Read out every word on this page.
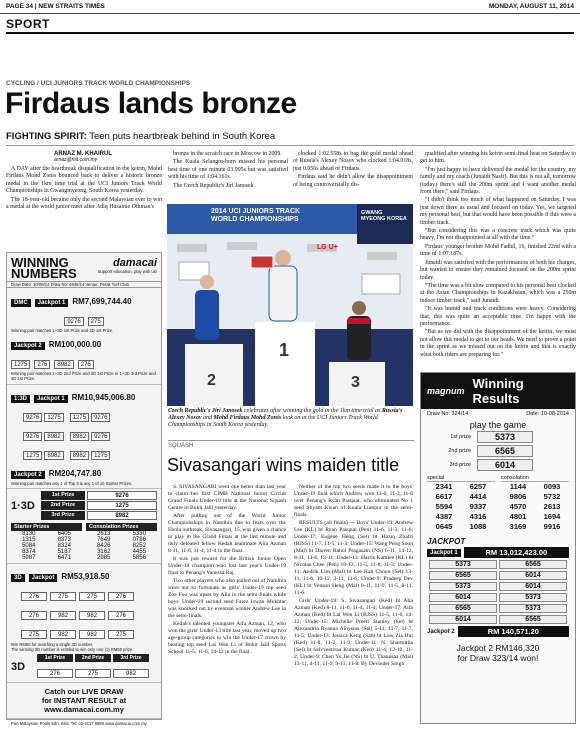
PAGE 34 | NEW STRAITS TIMES	MONDAY, AUGUST 11, 2014
SPORT
CYCLING / UCI JUNIORS TRACK WORLD CHAMPIONSHIPS
Firdaus lands bronze
FIGHTING SPIRIT: Teen puts heartbreak behind in South Korea
ARNAZ M. KHAIRUL
arnaz@nst.com.my

A DAY after the heartbreak disqualification in the keirin, Mohd Firdaus Mohd Zonis bounced back to deliver a historic bronze medal in the 1km time trial at the UCI Juniors Track World Championships in Gwangmyeong, South Korea yesterday.

The 18-year-old became only the second Malaysian ever to win a medal at the world junior meet after Adiq Husainie Othman's

bronze in the scratch race in Moscow in 2009.

The Kuala Selangor-born missed his personal best time of one minute 03.995s but was satisfied with his time of 1:04.161s.

The Czech Republic's Jiri Janosek

clocked 1:02.558s to bag the gold medal ahead of Russia's Alexey Nosov who clocked 1:04.018s, just 0.056s ahead of Firdaus.

Firdaus said he didn't allow the disappointment of being controversially dis-

qualified after winning his keirin semi-final heat on Saturday to get to him.

"I'm just happy to have delivered the medal for the country, my family and my coach (Junaidi Nasir). But this is not all, tomorrow (today) there's still the 200m sprint and I want another medal from there," said Firdaus.

"I didn't think too much of what happened on Saturday. I was just down there as usual and focused on today. Yes, we targeted my personal best, but that would have been possible if this were a timber track.

"But considering this was a concrete track which was quite heavy, I'm not disappointed at all with the time."

Firdaus' younger brother Mohd Fadhil, 16, finished 22nd with a time of 1:07.187s.

Junaidi was satisfied with the performances of both his charges, but wanted to ensure they remained focused on the 200m sprint today.

"The time was a bit slow compared to his personal best clocked at the Asian Championships in Kazakhstan, which was a 250m indoor timber track," said Junaidi.

"It was humid and track conditions were heavy. Considering that, this was quite an acceptable time. I'm happy with the performance.

"But as we did with the disappointment of the keirin, we must not allow this medal to get to our heads. We need to prove a point in the sprint as we missed out on the keirin and that is exactly what both riders are preparing for."

2014 UCI JUNIORS TRACK WORLD CHAMPIONSHIPS
GWANG MYEONG KOREA
LG U+
2
1
3
Czech Republic's Jiri Janosek celebrates after winning the gold in the 1km time trial as Russia's Alexey Nosov and Mohd Firdaus Mohd Zonis look on at the UCI Juniors Track World Championships in South Korea yesterday.
SQUASH
Sivasangari wins maiden title

S. SIVASANGARI went one better than last year to claim her first CIMB National Junior Circuit Grand Finals Under-19 title at the National Squash Centre in Bukit Jalil yesterday.

After pulling out of the World Junior Championships in Namibia due to fears over the Ebola outbreak, Sivasangari, 15, was given a chance to play in the Grand Finals at the last minute and duly defeated fellow Kedah teammate Alia Azman 8-11, 11-6, 11-4, 11-4 in the final.

It was just reward for the British Junior Open Under-18 champion who lost last year's Under-19 final to Penang's Vanessa Raj.

Two other players who also pulled out of Namibia were not so fortunate as girls' Under-19 top seed Zoe Foo was upset by Alia in the semi-finals while boys' Under-19 second seed Farez Izwan Mukhtar was knocked out by eventual winner Andrew Lee in the semi-finals.

Kedah's talented youngster Aifa Azman, 12, who won the girls' Under-13 title last year, moved up two age-group categories to win the Under-17 crown by beating top seed Lai Wen Li of Bukit Jalil Sports School 11-5, 11-6, 14-12 in the final.

Neither of the top two seeds made it to the boys' Under-19 final which Andrew won 11-6, 11-3, 11-6 over Penang's Ryan Pasqual, who eliminated No 1 seed Shyam Kwan of Kuala Lumpur in the semi-finals.

RESULTS (all finals) — Boys' Under-19: Andrew Lee (KL) bt Ryan Pasqual (Pen) 11-6, 11-3, 11-6; Under-17: Eugene Heng (Sel) bt Haziq Zhafri (BJSS) 11-7, 11-5, 11-3; Under-15: Wang Peng Soon (Mal) bt Darren Rahul Pragasam (NS) 6-11, 14-12, 8-11, 11-6, 13-11; Under-13: Harris Kamlee (KL) bt Nicolas Chee (Pen) 10-12, 11-5, 11-8, 11-3; Under-11: Andrik Lim (Mal) bt Lee Kah Choon (Sel) 13-11, 11-6, 10-12, 3-11, 11-6; Under-9: Pradeep Dev (KL) bt Venson Heng (Mal) 8-11, 11-9, 11-5, 8-11, 11-6.

Girls' Under-19: S. Sivasangari (Ked) bt Alia Azman (Ked) 8-11, 11-6, 11-4, 11-4; Under-17: Aifa Azman (Ked) bt Lai Wen Li (BJSS) 11-5, 11-6, 14-12; Under-15: Michelle Preeti Stanley (Sel) bt Alexandria Ryanna Aloysius (Sel) 5-11, 11-7, 11-7, 11-5; Under-13: Jessica Keng (Sab) bt Low Zia Hui (Ked) 11-8, 11-2, 11-9; Under-11: N. Sharmitha (Sel) bt Selvveetrraa Kumar (Ked) 11-4, 12-10, 11-2; Under-9: Chen Yu Jie (NS) bt U. Thanusaa (Mal) 13-11, 4-11, 11-9, 9-11, 11-8. By Devinder Singh

WINNING
NUMBERS
damacai
Support education, play with us!
Draw Date: 10/08/14 Draw No: 4848/14 Venue: Perak Turf Club
DMC Jackpot 1 RM7,699,744.40
9276 275
Winning pair matches 1+3D 1st Prize and 3D 1st Prize.
Jackpot 2 RM100,000.00
1275 276 8982 276
Winning pair matches 1+3D 2nd Prize and 3D 1st Prize or 1+3D 3rd Prize and 3D 1st Prize.
1:3D Jackpot 1 RM10,945,006.80
9276 1275 1275 9276
9276 8982 8982 9276
1275 8982 8982 1275
Jackpot 2 RM204,747.80
Winning pair matches any 1 of Top 3 & any 1 of 10 Starter Prizes.
1·3D
1st Prize	9276
2nd Prize	1275
3rd Prize	8982
Starter Prizes
8130	6405
1315	8373
5084	8324
8374	5187
5987	6471
Consolation Prizes
2613	5330
7649	0786
8426	8252
3162	4455
2985	5856
3D Jackpot RM53,918.50
276	275	275	276
276	982	982	276
275	982	982	275
Win RM50 for matching a single 3D number.
The winning 3D number is entitled to win only one (1) RM50 prize.
3D
1st Prize
276
2nd Prize
275
3rd Prize
982
Catch our LIVE DRAW
for INSTANT RESULT at
www.damacai.com.my
Pan Malaysian Pools Sdn. Bhd. Tel: 03-2117 8888 www.damacai.com.my
magnum Winning Results
Draw No: 324/14	Date: 10-08-2014
play the game
1st prize	5373
2nd prize	6565
3rd prize	6014
special
2341	6257
6617	4414
5594	9337
4387	4316
0645	1088
consolation
1144	0093
9806	5732
4570	2613
4801	1694
3169	9916
JACKPOT
Jackpot 1	RM 13,012,423.00
5373	6565
6565	6014
5373	6014
6014	5373
6565	5373
6014	6565
Jackpot 2	RM 140,571.20
Jackpot 2 RM146,320
for Draw 323/14 won!
